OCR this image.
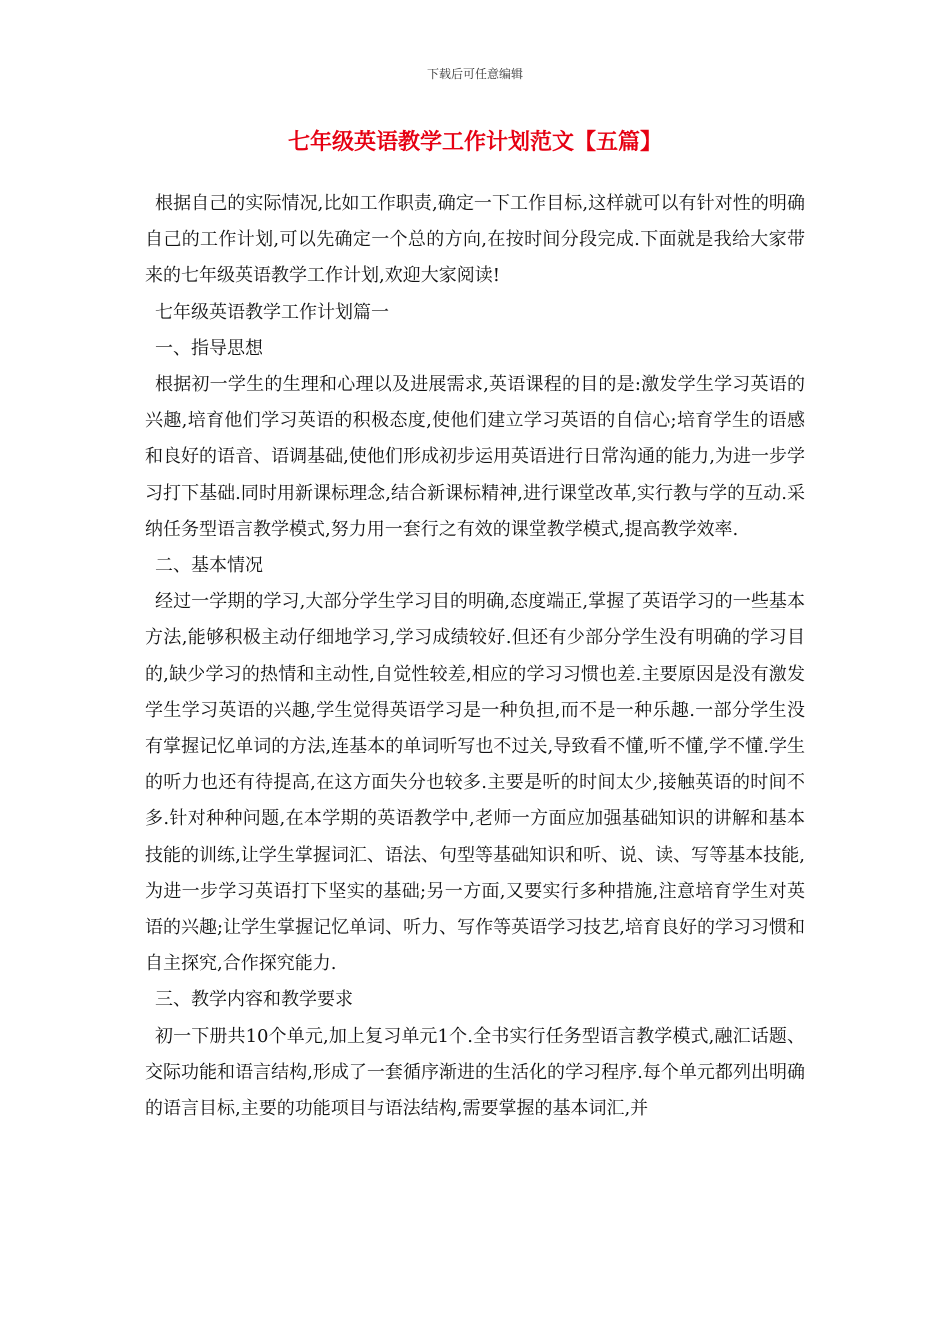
下载后可任意编辑
七年级英语教学工作计划范文【五篇】

根据自己的实际情况,比如工作职责,确定一下工作目标,这样就可以有针对性的明确自己的工作计划,可以先确定一个总的方向,在按时间分段完成.下面就是我给大家带来的七年级英语教学工作计划,欢迎大家阅读!

七年级英语教学工作计划篇一

一、指导思想

根据初一学生的生理和心理以及进展需求,英语课程的目的是:激发学生学习英语的兴趣,培育他们学习英语的积极态度,使他们建立学习英语的自信心;培育学生的语感和良好的语音、语调基础,使他们形成初步运用英语进行日常沟通的能力,为进一步学习打下基础.同时用新课标理念,结合新课标精神,进行课堂改革,实行教与学的互动.采纳任务型语言教学模式,努力用一套行之有效的课堂教学模式,提高教学效率.

二、基本情况

经过一学期的学习,大部分学生学习目的明确,态度端正,掌握了英语学习的一些基本方法,能够积极主动仔细地学习,学习成绩较好.但还有少部分学生没有明确的学习目的,缺少学习的热情和主动性,自觉性较差,相应的学习习惯也差.主要原因是没有激发学生学习英语的兴趣,学生觉得英语学习是一种负担,而不是一种乐趣.一部分学生没有掌握记忆单词的方法,连基本的单词听写也不过关,导致看不懂,听不懂,学不懂.学生的听力也还有待提高,在这方面失分也较多.主要是听的时间太少,接触英语的时间不多.针对种种问题,在本学期的英语教学中,老师一方面应加强基础知识的讲解和基本技能的训练,让学生掌握词汇、语法、句型等基础知识和听、说、读、写等基本技能,为进一步学习英语打下坚实的基础;另一方面,又要实行多种措施,注意培育学生对英语的兴趣;让学生掌握记忆单词、听力、写作等英语学习技艺,培育良好的学习习惯和自主探究,合作探究能力.

三、教学内容和教学要求

初一下册共10个单元,加上复习单元1个.全书实行任务型语言教学模式,融汇话题、交际功能和语言结构,形成了一套循序渐进的生活化的学习程序.每个单元都列出明确的语言目标,主要的功能项目与语法结构,需要掌握的基本词汇,并
